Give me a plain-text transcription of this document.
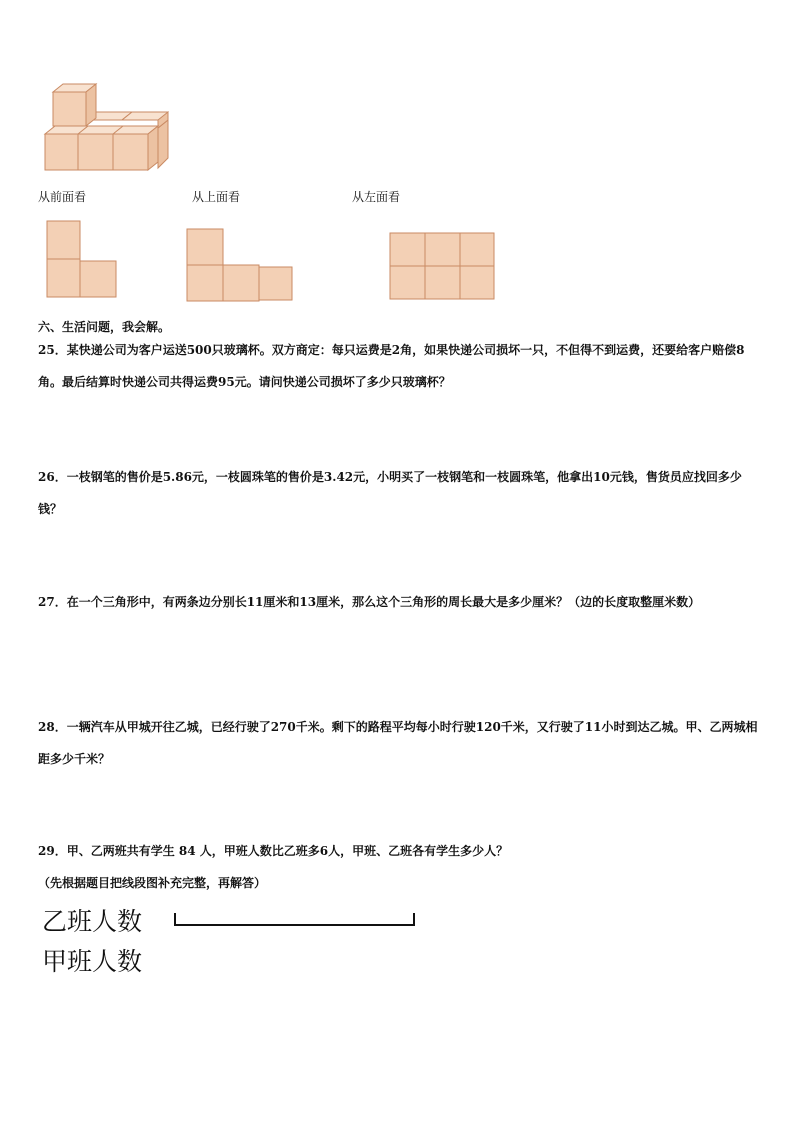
从前面看	从上面看	从左面看
六、生活问题，我会解。
25．某快递公司为客户运送500只玻璃杯。双方商定：每只运费是2角，如果快递公司损坏一只，不但得不到运费，还要给客户赔偿8角。最后结算时快递公司共得运费95元。请问快递公司损坏了多少只玻璃杯？
26．一枝钢笔的售价是5.86元，一枝圆珠笔的售价是3.42元，小明买了一枝钢笔和一枝圆珠笔，他拿出10元钱，售货员应找回多少钱？
27．在一个三角形中，有两条边分别长11厘米和13厘米，那么这个三角形的周长最大是多少厘米？（边的长度取整厘米数）
28．一辆汽车从甲城开往乙城，已经行驶了270千米。剩下的路程平均每小时行驶120千米，又行驶了11小时到达乙城。甲、乙两城相距多少千米？
29．甲、乙两班共有学生 84 人，甲班人数比乙班多6人，甲班、乙班各有学生多少人？
（先根据题目把线段图补充完整，再解答）
乙班人数
甲班人数
